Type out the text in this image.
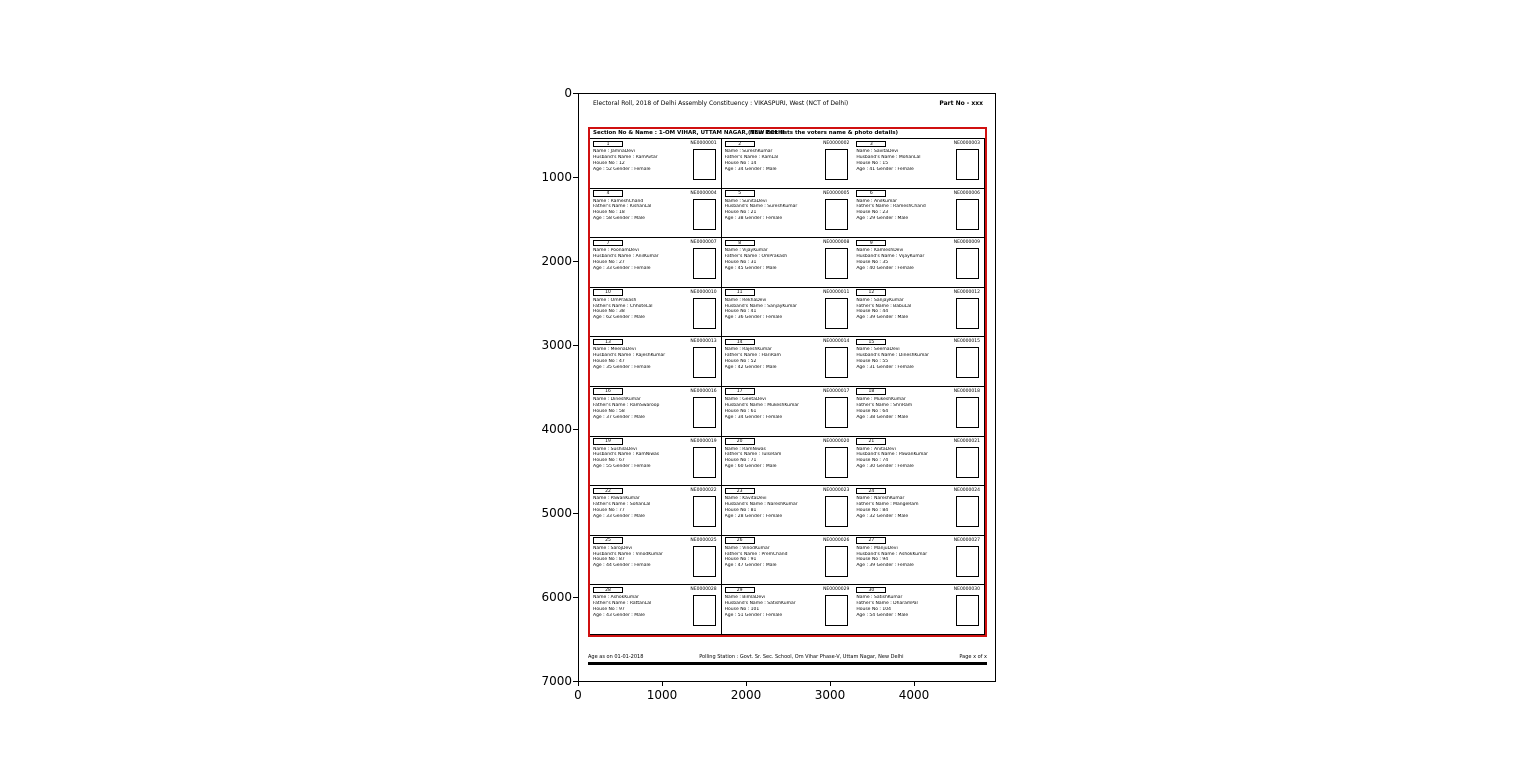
0
1000
2000
3000
4000
5000
6000
7000
0	1000	2000	3000	4000
Electoral Roll, 2018 of Delhi Assembly Constituency : VIKASPURI, West (NCT of Delhi)	Part No - xxx
Section No & Name : 1-OM VIHAR, UTTAM NAGAR, NEW DELHI
(This Part lists the voters name & photo details)
1	NE0000001
Name : JamnaDevi
Husband's Name : RamAvtar
House No : 12
Age : 52 Gender : Female
2	NE0000002
Name : SureshKumar
Father's Name : RamLal
House No : 14
Age : 34 Gender : Male
3	NE0000003
Name : SavitaDevi
Husband's Name : MohanLal
House No : 15
Age : 41 Gender : Female
4	NE0000004
Name : RameshChand
Father's Name : KishanLal
House No : 18
Age : 58 Gender : Male
5	NE0000005
Name : SunitaDevi
Husband's Name : SureshKumar
House No : 21
Age : 38 Gender : Female
6	NE0000006
Name : AnilKumar
Father's Name : RameshChand
House No : 23
Age : 29 Gender : Male
7	NE0000007
Name : PoonamDevi
Husband's Name : AnilKumar
House No : 27
Age : 33 Gender : Female
8	NE0000008
Name : VijayKumar
Father's Name : OmPrakash
House No : 31
Age : 45 Gender : Male
9	NE0000009
Name : KamleshDevi
Husband's Name : VijayKumar
House No : 35
Age : 40 Gender : Female
10	NE0000010
Name : OmPrakash
Father's Name : ChhoteLal
House No : 38
Age : 62 Gender : Male
11	NE0000011
Name : RekhaDevi
Husband's Name : SanjayKumar
House No : 41
Age : 36 Gender : Female
12	NE0000012
Name : SanjayKumar
Father's Name : BabuLal
House No : 44
Age : 39 Gender : Male
13	NE0000013
Name : MeenaDevi
Husband's Name : RajeshKumar
House No : 47
Age : 35 Gender : Female
14	NE0000014
Name : RajeshKumar
Father's Name : HariRam
House No : 52
Age : 42 Gender : Male
15	NE0000015
Name : SeemaDevi
Husband's Name : DineshKumar
House No : 55
Age : 31 Gender : Female
16	NE0000016
Name : DineshKumar
Father's Name : RamSwaroop
House No : 58
Age : 37 Gender : Male
17	NE0000017
Name : GeetaDevi
Husband's Name : MukeshKumar
House No : 61
Age : 34 Gender : Female
18	NE0000018
Name : MukeshKumar
Father's Name : ShriRam
House No : 64
Age : 38 Gender : Male
19	NE0000019
Name : SushilaDevi
Husband's Name : RamNiwas
House No : 67
Age : 55 Gender : Female
20	NE0000020
Name : RamNiwas
Father's Name : TulsiRam
House No : 71
Age : 60 Gender : Male
21	NE0000021
Name : AnitaDevi
Husband's Name : PawanKumar
House No : 74
Age : 30 Gender : Female
22	NE0000022
Name : PawanKumar
Father's Name : SohanLal
House No : 77
Age : 33 Gender : Male
23	NE0000023
Name : KavitaDevi
Husband's Name : NareshKumar
House No : 81
Age : 28 Gender : Female
24	NE0000024
Name : NareshKumar
Father's Name : MangeRam
House No : 84
Age : 32 Gender : Male
25	NE0000025
Name : SarojDevi
Husband's Name : VinodKumar
House No : 87
Age : 44 Gender : Female
26	NE0000026
Name : VinodKumar
Father's Name : PremChand
House No : 91
Age : 47 Gender : Male
27	NE0000027
Name : ManjuDevi
Husband's Name : AshokKumar
House No : 94
Age : 39 Gender : Female
28	NE0000028
Name : AshokKumar
Father's Name : RattanLal
House No : 97
Age : 43 Gender : Male
29	NE0000029
Name : BimlaDevi
Husband's Name : SatishKumar
House No : 101
Age : 51 Gender : Female
30	NE0000030
Name : SatishKumar
Father's Name : DharamPal
House No : 104
Age : 54 Gender : Male
Age as on 01-01-2018	Polling Station : Govt. Sr. Sec. School, Om Vihar Phase-V, Uttam Nagar, New Delhi	Page x of x
